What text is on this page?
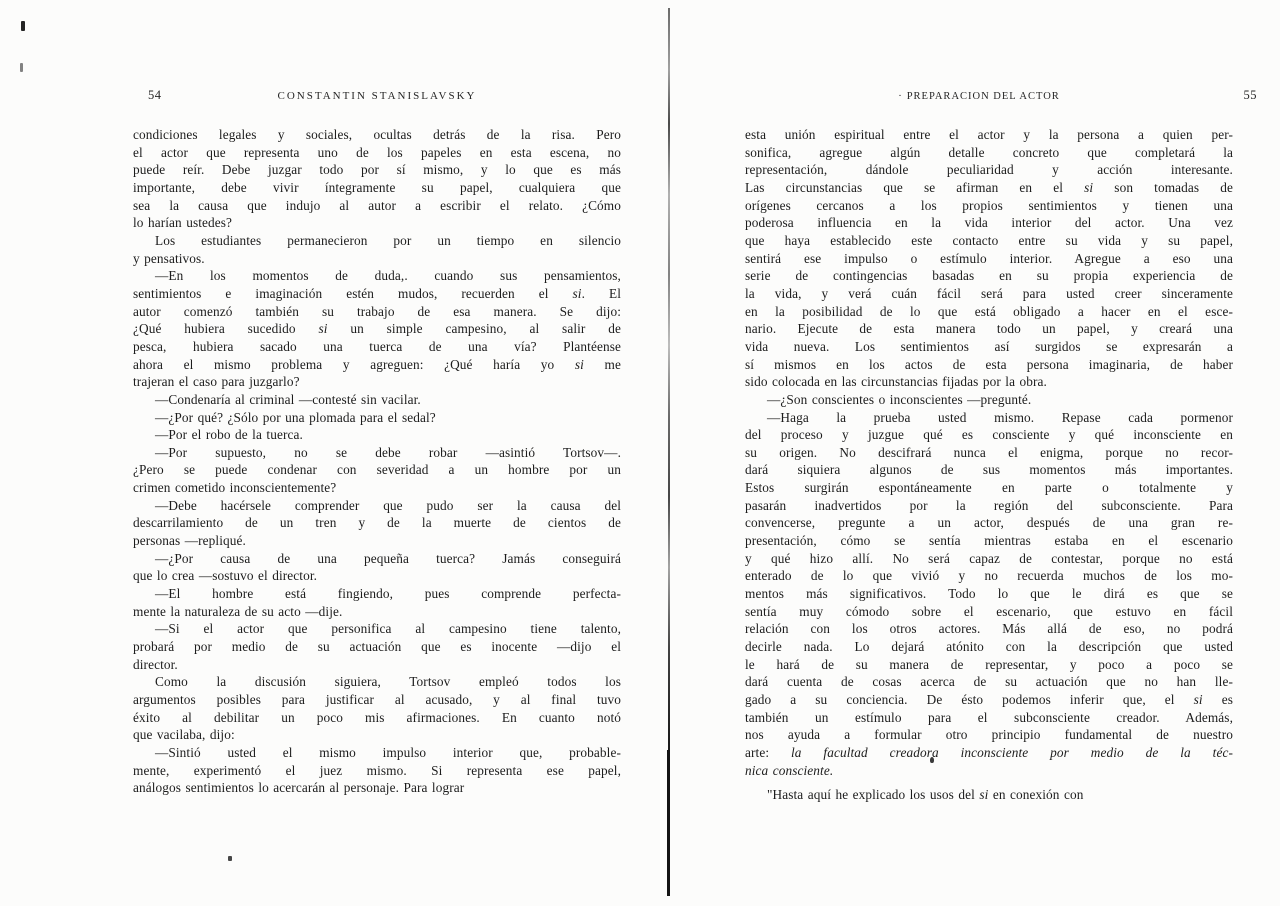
54	CONSTANTIN STANISLAVSKY
condiciones legales y sociales, ocultas detrás de la risa. Pero
el actor que representa uno de los papeles en esta escena, no
puede reír. Debe juzgar todo por sí mismo, y lo que es más
importante, debe vivir íntegramente su papel, cualquiera que
sea la causa que indujo al autor a escribir el relato. ¿Cómo
lo harían ustedes?
Los estudiantes permanecieron por un tiempo en silencio
y pensativos.
—En los momentos de duda,. cuando sus pensamientos,
sentimientos e imaginación estén mudos, recuerden el si. El
autor comenzó también su trabajo de esa manera. Se dijo:
¿Qué hubiera sucedido si un simple campesino, al salir de
pesca, hubiera sacado una tuerca de una vía? Plantéense
ahora el mismo problema y agreguen: ¿Qué haría yo si me
trajeran el caso para juzgarlo?
—Condenaría al criminal —contesté sin vacilar.
—¿Por qué? ¿Sólo por una plomada para el sedal?
—Por el robo de la tuerca.
—Por supuesto, no se debe robar —asintió Tortsov—.
¿Pero se puede condenar con severidad a un hombre por un
crimen cometido inconscientemente?
—Debe hacérsele comprender que pudo ser la causa del
descarrilamiento de un tren y de la muerte de cientos de
personas —repliqué.
—¿Por causa de una pequeña tuerca? Jamás conseguirá
que lo crea —sostuvo el director.
—El hombre está fingiendo, pues comprende perfecta-
mente la naturaleza de su acto —dije.
—Si el actor que personifica al campesino tiene talento,
probará por medio de su actuación que es inocente —dijo el
director.
Como la discusión siguiera, Tortsov empleó todos los
argumentos posibles para justificar al acusado, y al final tuvo
éxito al debilitar un poco mis afirmaciones. En cuanto notó
que vacilaba, dijo:
—Sintió usted el mismo impulso interior que, probable-
mente, experimentó el juez mismo. Si representa ese papel,
análogos sentimientos lo acercarán al personaje. Para lograr
· PREPARACION DEL ACTOR	55
esta unión espiritual entre el actor y la persona a quien per-
sonifica, agregue algún detalle concreto que completará la
representación, dándole peculiaridad y acción interesante.
Las circunstancias que se afirman en el si son tomadas de
orígenes cercanos a los propios sentimientos y tienen una
poderosa influencia en la vida interior del actor. Una vez
que haya establecido este contacto entre su vida y su papel,
sentirá ese impulso o estímulo interior. Agregue a eso una
serie de contingencias basadas en su propia experiencia de
la vida, y verá cuán fácil será para usted creer sinceramente
en la posibilidad de lo que está obligado a hacer en el esce-
nario. Ejecute de esta manera todo un papel, y creará una
vida nueva. Los sentimientos así surgidos se expresarán a
sí mismos en los actos de esta persona imaginaria, de haber
sido colocada en las circunstancias fijadas por la obra.
—¿Son conscientes o inconscientes —pregunté.
—Haga la prueba usted mismo. Repase cada pormenor
del proceso y juzgue qué es consciente y qué inconsciente en
su origen. No descifrará nunca el enigma, porque no recor-
dará siquiera algunos de sus momentos más importantes.
Estos surgirán espontáneamente en parte o totalmente y
pasarán inadvertidos por la región del subconsciente. Para
convencerse, pregunte a un actor, después de una gran re-
presentación, cómo se sentía mientras estaba en el escenario
y qué hizo allí. No será capaz de contestar, porque no está
enterado de lo que vivió y no recuerda muchos de los mo-
mentos más significativos. Todo lo que le dirá es que se
sentía muy cómodo sobre el escenario, que estuvo en fácil
relación con los otros actores. Más allá de eso, no podrá
decirle nada. Lo dejará atónito con la descripción que usted
le hará de su manera de representar, y poco a poco se
dará cuenta de cosas acerca de su actuación que no han lle-
gado a su conciencia. De ésto podemos inferir que, el si es
también un estímulo para el subconsciente creador. Además,
nos ayuda a formular otro principio fundamental de nuestro
arte: la facultad creadora inconsciente por medio de la téc-
nica consciente.
"Hasta aquí he explicado los usos del si en conexión con
